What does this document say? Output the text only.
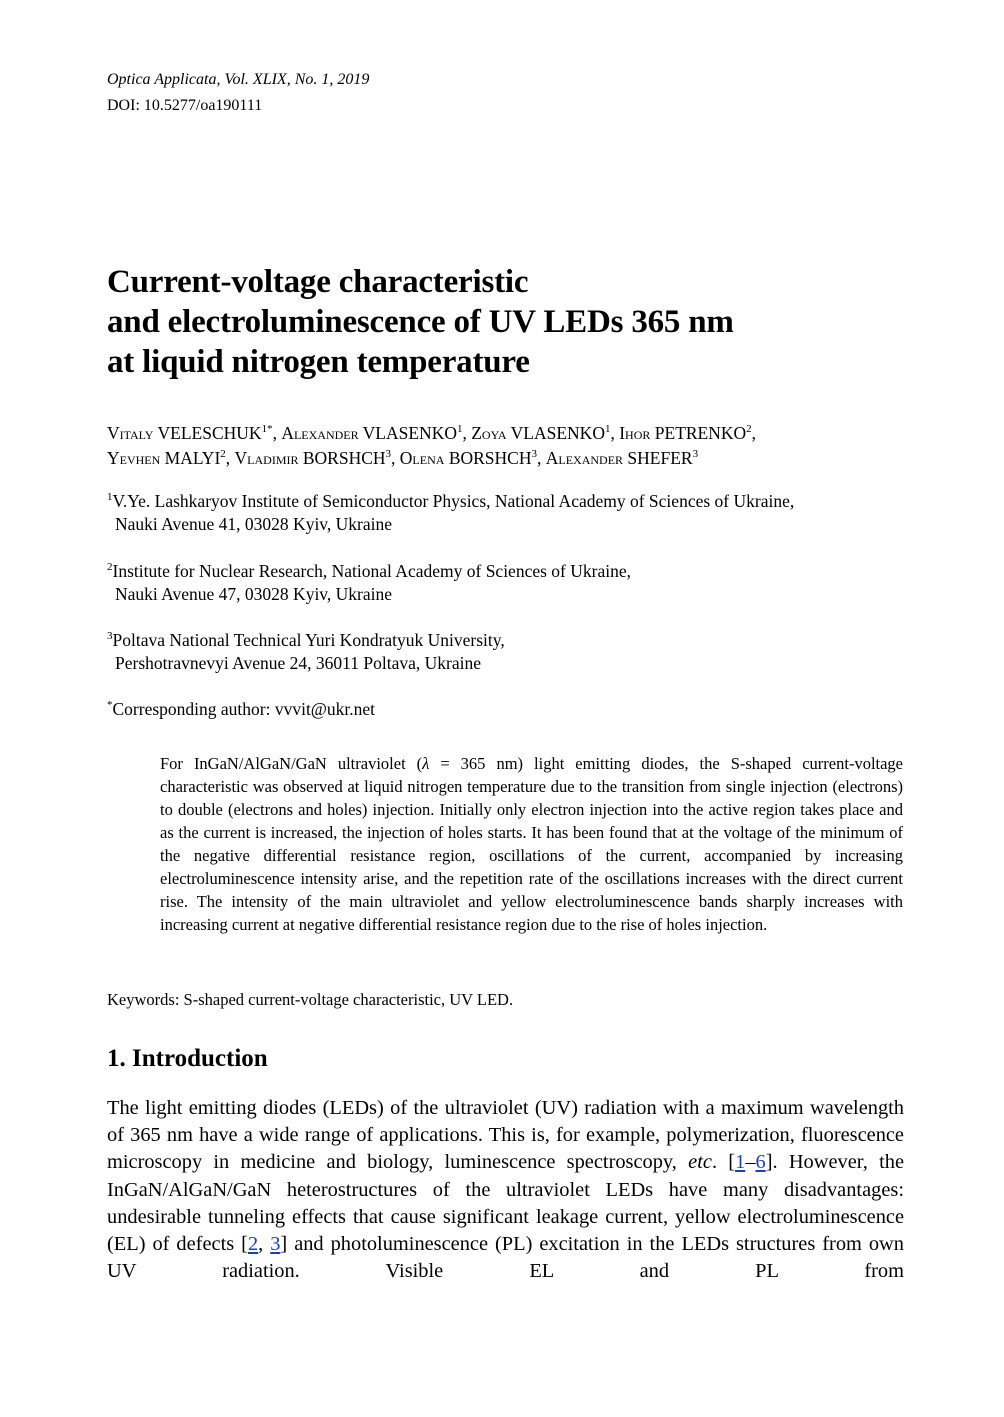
Optica Applicata, Vol. XLIX, No. 1, 2019
DOI: 10.5277/oa190111
Current-voltage characteristic
and electroluminescence of UV LEDs 365 nm
at liquid nitrogen temperature
Vitaly $VELESCHUK^{1*}$, Alexander VLASENKO$^1$, Zoya VLASENKO$^1$, Ihor PETRENKO$^2$,
Yevhen MALYI$^2$, Vladimir BORSHCH$^3$, Olena BORSHCH$^3$, Alexander SHEFER$^3$
$^1$V.Ye. Lashkaryov Institute of Semiconductor Physics, National Academy of Sciences of Ukraine,
Nauki Avenue 41, 03028 Kyiv, Ukraine
$^2$Institute for Nuclear Research, National Academy of Sciences of Ukraine,
Nauki Avenue 47, 03028 Kyiv, Ukraine
$^3$Poltava National Technical Yuri Kondratyuk University,
Pershotravnevyi Avenue 24, 36011 Poltava, Ukraine
*Corresponding author: vvvit@ukr.net
For InGaN/AlGaN/GaN ultraviolet (λ = 365 nm) light emitting diodes, the S-shaped current-voltage characteristic was observed at liquid nitrogen temperature due to the transition from single injection (electrons) to double (electrons and holes) injection. Initially only electron injection into the active region takes place and as the current is increased, the injection of holes starts. It has been found that at the voltage of the minimum of the negative differential resistance region, oscillations of the current, accompanied by increasing electroluminescence intensity arise, and the repetition rate of the oscillations increases with the direct current rise. The intensity of the main ultraviolet and yellow electroluminescence bands sharply increases with increasing current at negative differential resistance region due to the rise of holes injection.
Keywords: S-shaped current-voltage characteristic, UV LED.
1. Introduction
The light emitting diodes (LEDs) of the ultraviolet (UV) radiation with a maximum wavelength of 365 nm have a wide range of applications. This is, for example, polymerization, fluorescence microscopy in medicine and biology, luminescence spectroscopy, etc. [1–6]. However, the InGaN/AlGaN/GaN heterostructures of the ultraviolet LEDs have many disadvantages: undesirable tunneling effects that cause significant leakage current, yellow electroluminescence (EL) of defects [2, 3] and photoluminescence (PL) excitation in the LEDs structures from own UV radiation. Visible EL and PL from
